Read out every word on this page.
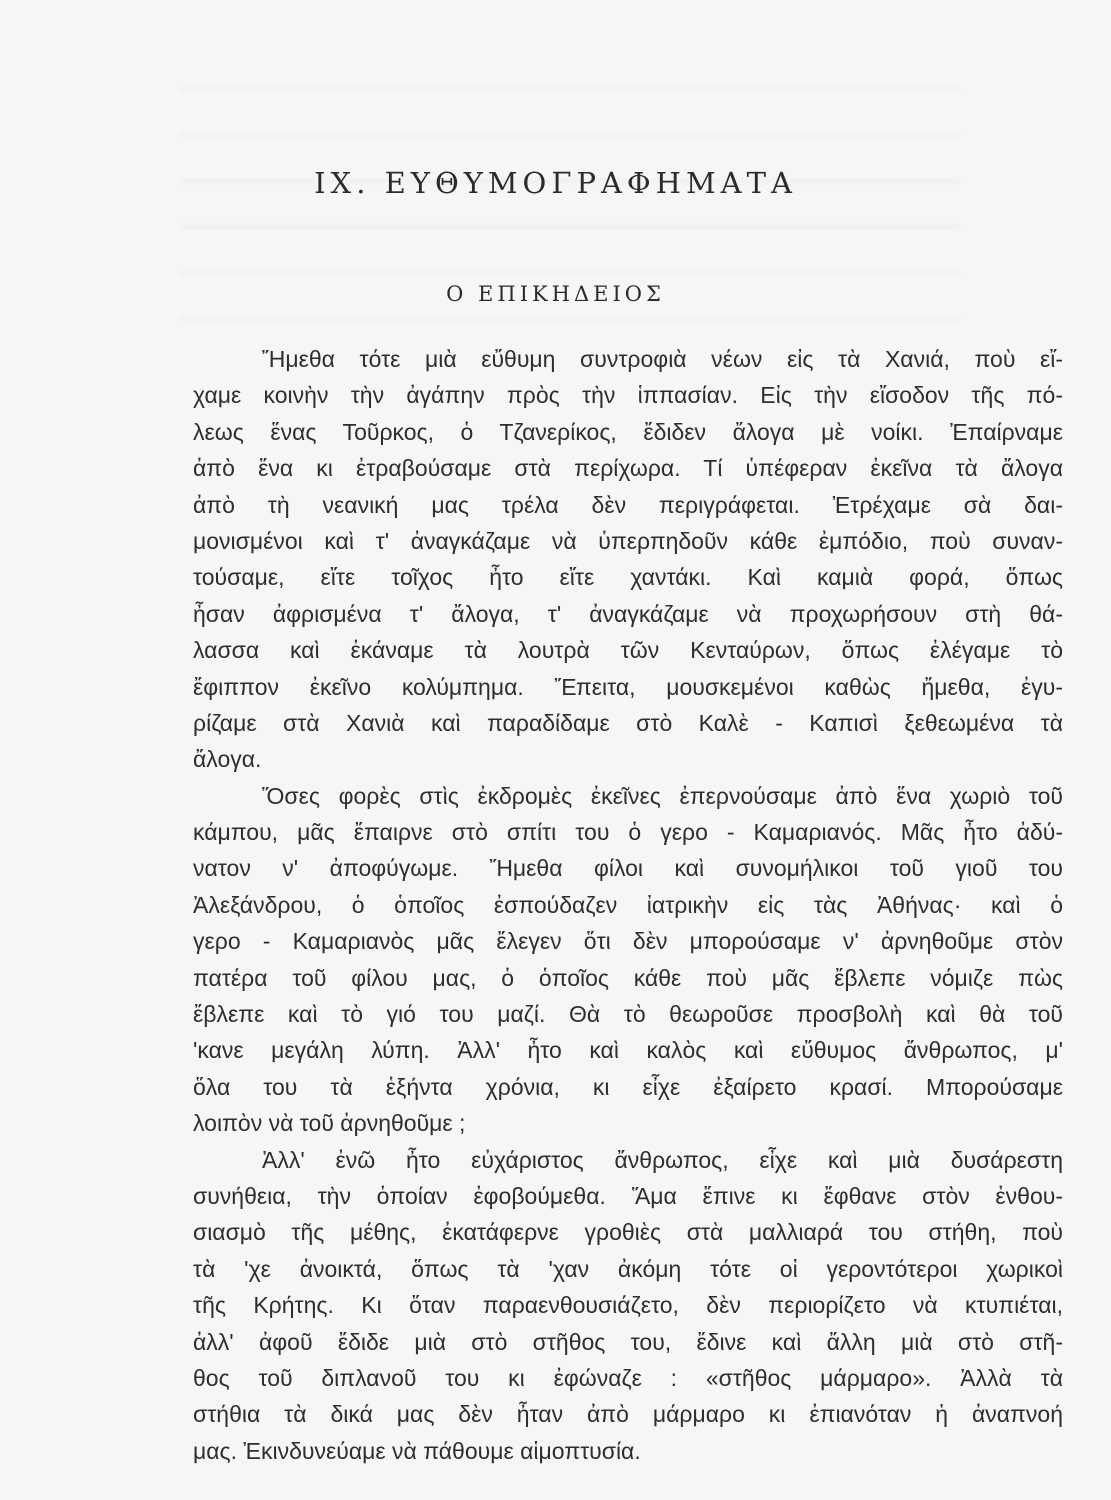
IX. ΕΥΘΥΜΟΓΡΑΦΗΜΑΤΑ
Ο ΕΠΙΚΗΔΕΙΟΣ
Ἤμεθα τότε μιὰ εὔθυμη συντροφιὰ νέων εἰς τὰ Χανιά, ποὺ εἴ-
χαμε κοινὴν τὴν ἀγάπην πρὸς τὴν ἱππασίαν. Εἰς τὴν εἴσοδον τῆς πό-
λεως ἕνας Τοῦρκος, ὁ Τζανερίκος, ἔδιδεν ἄλογα μὲ νοίκι. Ἐπαίρναμε
ἀπὸ ἕνα κι ἐτραβούσαμε στὰ περίχωρα. Τί ὑπέφεραν ἐκεῖνα τὰ ἄλογα
ἀπὸ τὴ νεανική μας τρέλα δὲν περιγράφεται. Ἐτρέχαμε σὰ δαι-
μονισμένοι καὶ τ' ἀναγκάζαμε νὰ ὑπερπηδοῦν κάθε ἐμπόδιο, ποὺ συναν-
τούσαμε, εἴτε τοῖχος ἦτο εἴτε χαντάκι. Καὶ καμιὰ φορά, ὅπως
ἦσαν ἀφρισμένα τ' ἄλογα, τ' ἀναγκάζαμε νὰ προχωρήσουν στὴ θά-
λασσα καὶ ἐκάναμε τὰ λουτρὰ τῶν Κενταύρων, ὅπως ἐλέγαμε τὸ
ἔφιππον ἐκεῖνο κολύμπημα. Ἔπειτα, μουσκεμένοι καθὼς ἤμεθα, ἐγυ-
ρίζαμε στὰ Χανιὰ καὶ παραδίδαμε στὸ Καλὲ - Καπισὶ ξεθεωμένα τὰ
ἄλογα.
Ὅσες φορὲς στὶς ἐκδρομὲς ἐκεῖνες ἐπερνούσαμε ἀπὸ ἕνα χωριὸ τοῦ
κάμπου, μᾶς ἔπαιρνε στὸ σπίτι του ὁ γερο - Καμαριανός. Μᾶς ἦτο ἀδύ-
νατον ν' ἀποφύγωμε. Ἤμεθα φίλοι καὶ συνομήλικοι τοῦ γιοῦ του
Ἀλεξάνδρου, ὁ ὁποῖος ἐσπούδαζεν ἰατρικὴν εἰς τὰς Ἀθήνας· καὶ ὁ
γερο - Καμαριανὸς μᾶς ἔλεγεν ὅτι δὲν μπορούσαμε ν' ἀρνηθοῦμε στὸν
πατέρα τοῦ φίλου μας, ὁ ὁποῖος κάθε ποὺ μᾶς ἔβλεπε νόμιζε πὼς
ἔβλεπε καὶ τὸ γιό του μαζί. Θὰ τὸ θεωροῦσε προσβολὴ καὶ θὰ τοῦ
'κανε μεγάλη λύπη. Ἀλλ' ἦτο καὶ καλὸς καὶ εὔθυμος ἄνθρωπος, μ'
ὅλα του τὰ ἑξήντα χρόνια, κι εἶχε ἐξαίρετο κρασί. Μπορούσαμε
λοιπὸν νὰ τοῦ ἀρνηθοῦμε ;
Ἀλλ' ἐνῶ ἦτο εὐχάριστος ἄνθρωπος, εἶχε καὶ μιὰ δυσάρεστη
συνήθεια, τὴν ὁποίαν ἐφοβούμεθα. Ἅμα ἔπινε κι ἔφθανε στὸν ἐνθου-
σιασμὸ τῆς μέθης, ἐκατάφερνε γροθιὲς στὰ μαλλιαρά του στήθη, ποὺ
τὰ 'χε ἀνοικτά, ὅπως τὰ 'χαν ἀκόμη τότε οἱ γεροντότεροι χωρικοὶ
τῆς Κρήτης. Κι ὅταν παραενθουσιάζετο, δὲν περιορίζετο νὰ κτυπιέται,
ἀλλ' ἀφοῦ ἔδιδε μιὰ στὸ στῆθος του, ἔδινε καὶ ἄλλη μιὰ στὸ στῆ-
θος τοῦ διπλανοῦ του κι ἐφώναζε : «στῆθος μάρμαρο». Ἀλλὰ τὰ
στήθια τὰ δικά μας δὲν ἦταν ἀπὸ μάρμαρο κι ἐπιανόταν ἡ ἀναπνοή
μας. Ἐκινδυνεύαμε νὰ πάθουμε αἱμοπτυσία.
